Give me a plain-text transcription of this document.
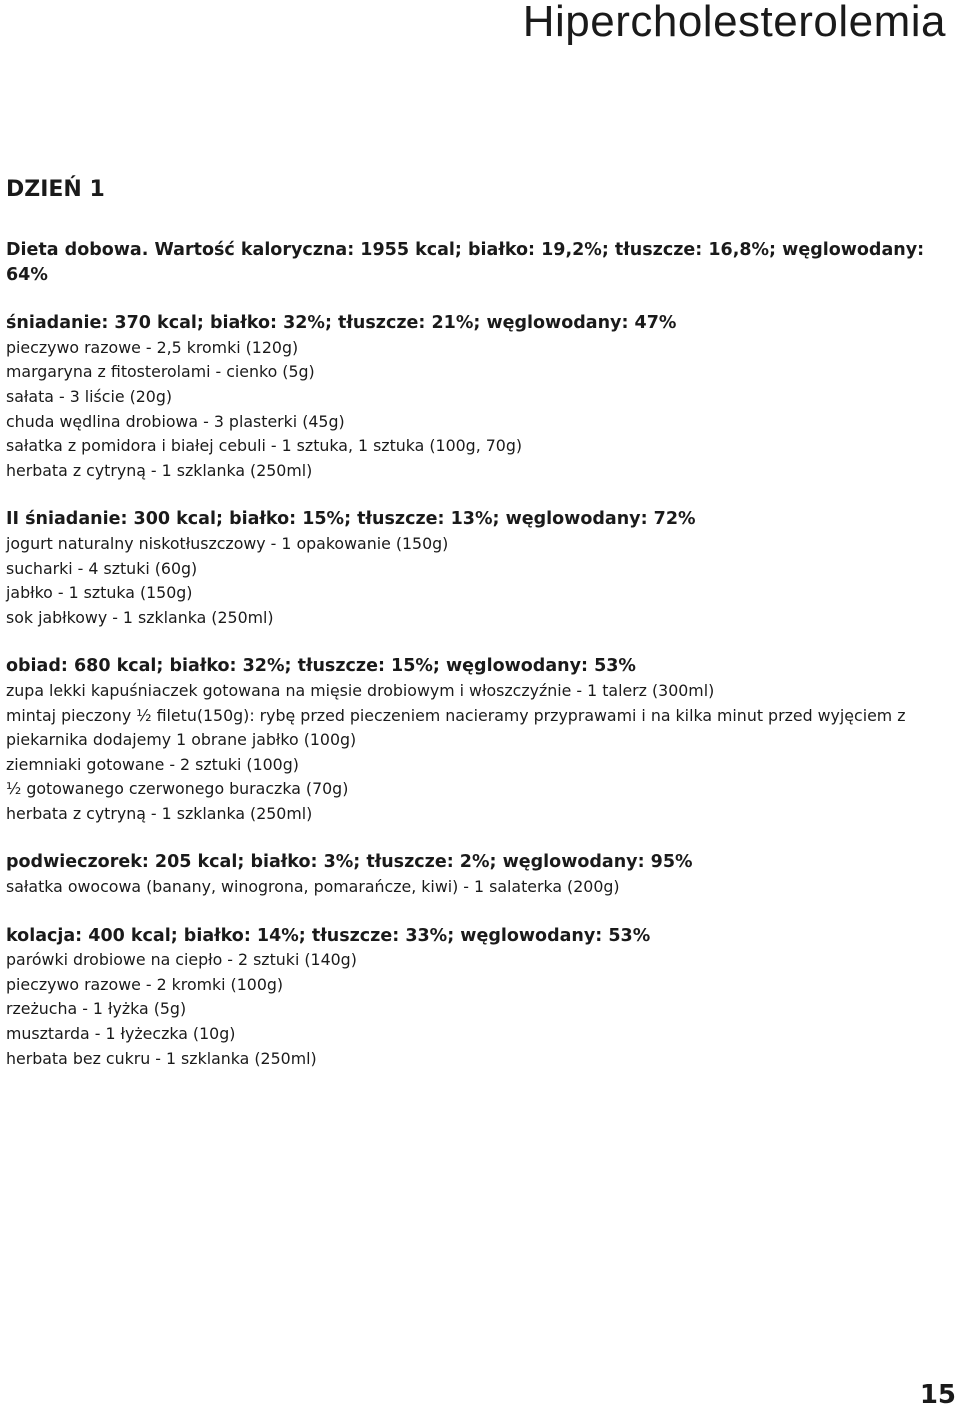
Hipercholesterolemia
DZIEŃ 1

Dieta dobowa. Wartość kaloryczna: 1955 kcal; białko: 19,2%; tłuszcze: 16,8%; węglowodany: 64%

śniadanie: 370 kcal; białko: 32%; tłuszcze: 21%; węglowodany: 47%

pieczywo razowe - 2,5 kromki (120g)
margaryna z fitosterolami - cienko (5g)
sałata - 3 liście (20g)
chuda wędlina drobiowa - 3 plasterki (45g)
sałatka z pomidora i białej cebuli - 1 sztuka, 1 sztuka (100g, 70g)
herbata z cytryną - 1 szklanka (250ml)

II śniadanie: 300 kcal; białko: 15%; tłuszcze: 13%; węglowodany: 72%

jogurt naturalny niskotłuszczowy - 1 opakowanie (150g)
sucharki - 4 sztuki (60g)
jabłko - 1 sztuka (150g)
sok jabłkowy - 1 szklanka (250ml)

obiad: 680 kcal; białko: 32%; tłuszcze: 15%; węglowodany: 53%

zupa lekki kapuśniaczek gotowana na mięsie drobiowym i włoszczyźnie - 1 talerz (300ml)
mintaj pieczony ½ filetu(150g): rybę przed pieczeniem nacieramy przyprawami i na kilka minut przed wyjęciem z piekarnika dodajemy 1 obrane jabłko (100g)
ziemniaki gotowane - 2 sztuki (100g)
½ gotowanego czerwonego buraczka (70g)
herbata z cytryną - 1 szklanka (250ml)

podwieczorek: 205 kcal; białko: 3%; tłuszcze: 2%; węglowodany: 95%

sałatka owocowa (banany, winogrona, pomarańcze, kiwi) - 1 salaterka (200g)

kolacja: 400 kcal; białko: 14%; tłuszcze: 33%; węglowodany: 53%

parówki drobiowe na ciepło - 2 sztuki (140g)
pieczywo razowe - 2 kromki (100g)
rzeżucha - 1 łyżka (5g)
musztarda - 1 łyżeczka (10g)
herbata bez cukru - 1 szklanka (250ml)

15
